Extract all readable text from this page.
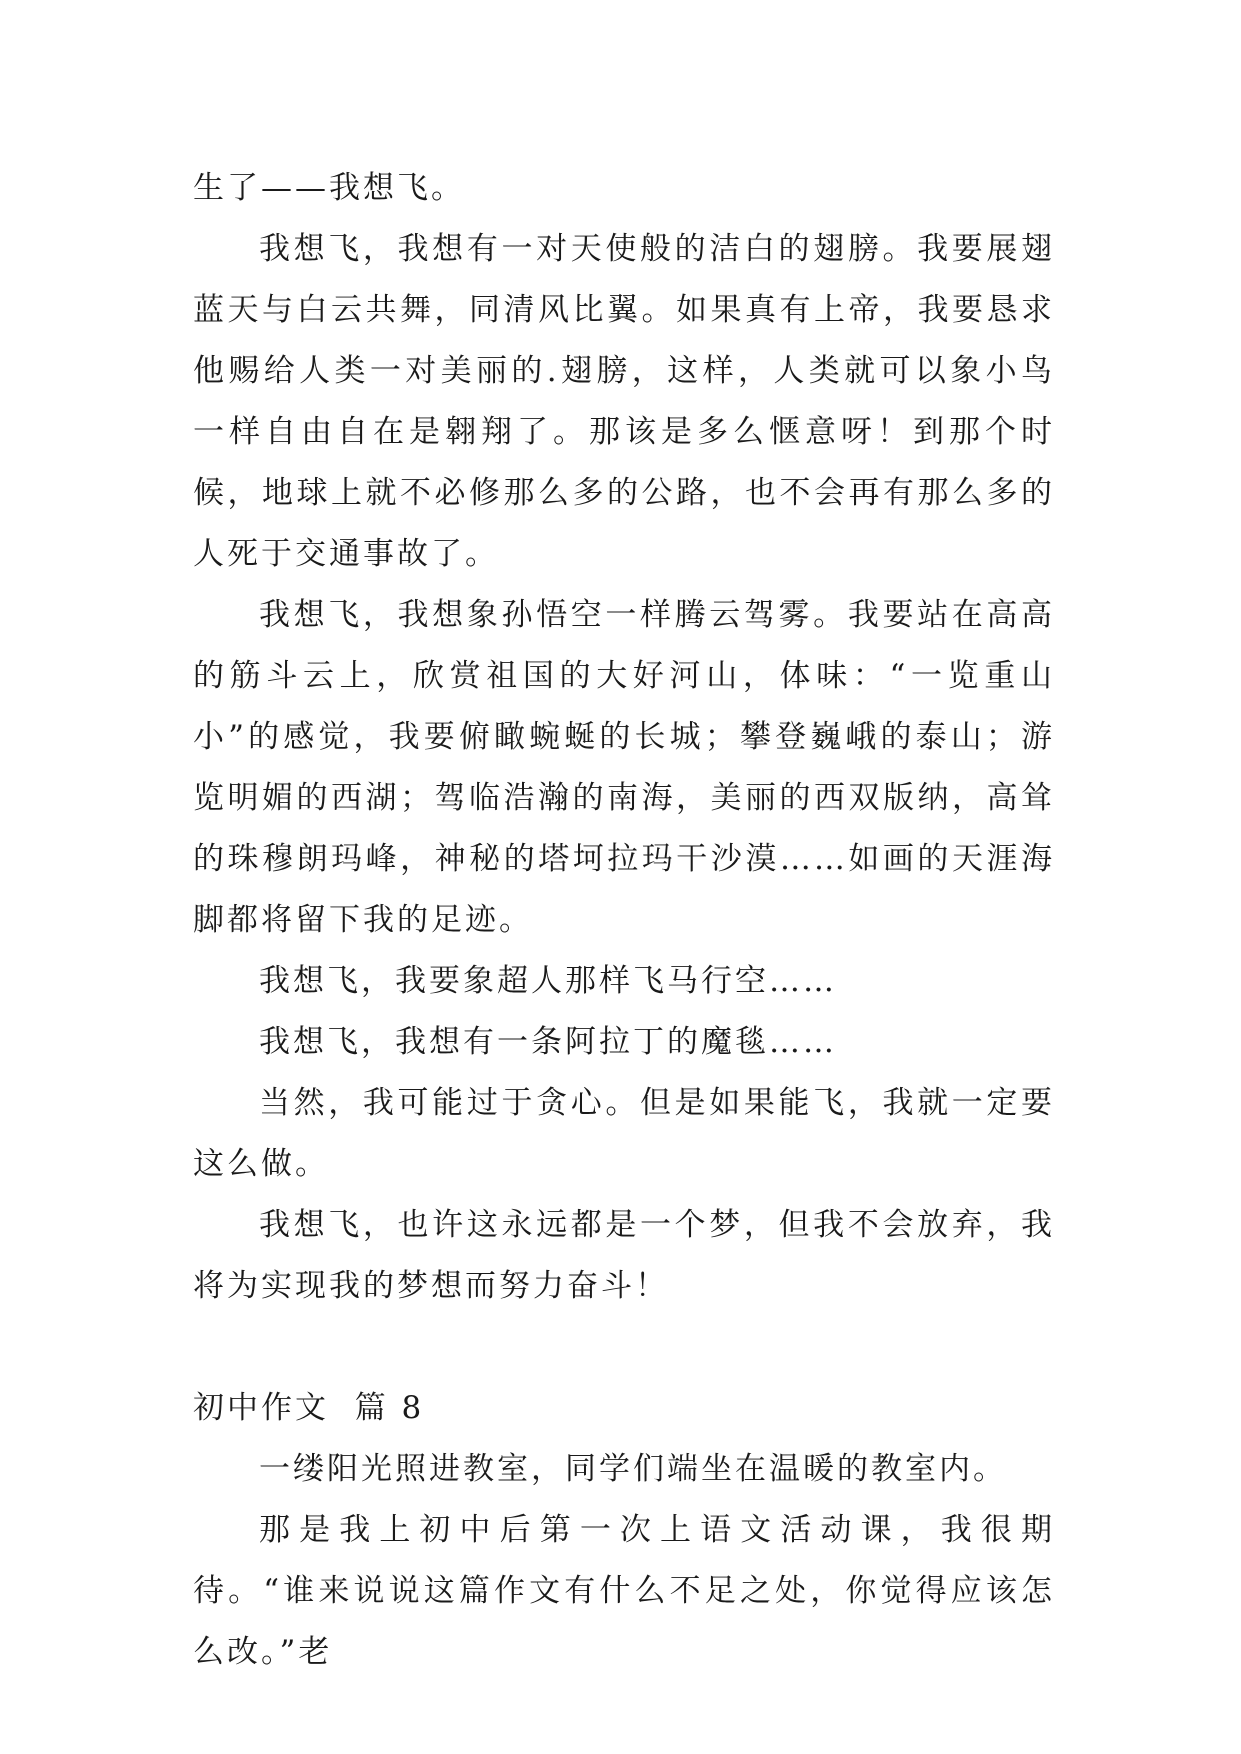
生了——我想飞。

我想飞，我想有一对天使般的洁白的翅膀。我要展翅蓝天与白云共舞，同清风比翼。如果真有上帝，我要恳求他赐给人类一对美丽的.翅膀，这样，人类就可以象小鸟一样自由自在是翱翔了。那该是多么惬意呀！到那个时候，地球上就不必修那么多的公路，也不会再有那么多的人死于交通事故了。

我想飞，我想象孙悟空一样腾云驾雾。我要站在高高的筋斗云上，欣赏祖国的大好河山，体味：“一览重山小”的感觉，我要俯瞰蜿蜒的长城；攀登巍峨的泰山；游览明媚的西湖；驾临浩瀚的南海，美丽的西双版纳，高耸的珠穆朗玛峰，神秘的塔坷拉玛干沙漠……如画的天涯海脚都将留下我的足迹。

我想飞，我要象超人那样飞马行空……

我想飞，我想有一条阿拉丁的魔毯……

当然，我可能过于贪心。但是如果能飞，我就一定要这么做。

我想飞，也许这永远都是一个梦，但我不会放弃，我将为实现我的梦想而努力奋斗！

初中作文  篇 8

一缕阳光照进教室，同学们端坐在温暖的教室内。

那是我上初中后第一次上语文活动课，我很期待。“谁来说说这篇作文有什么不足之处，你觉得应该怎么改。”老
